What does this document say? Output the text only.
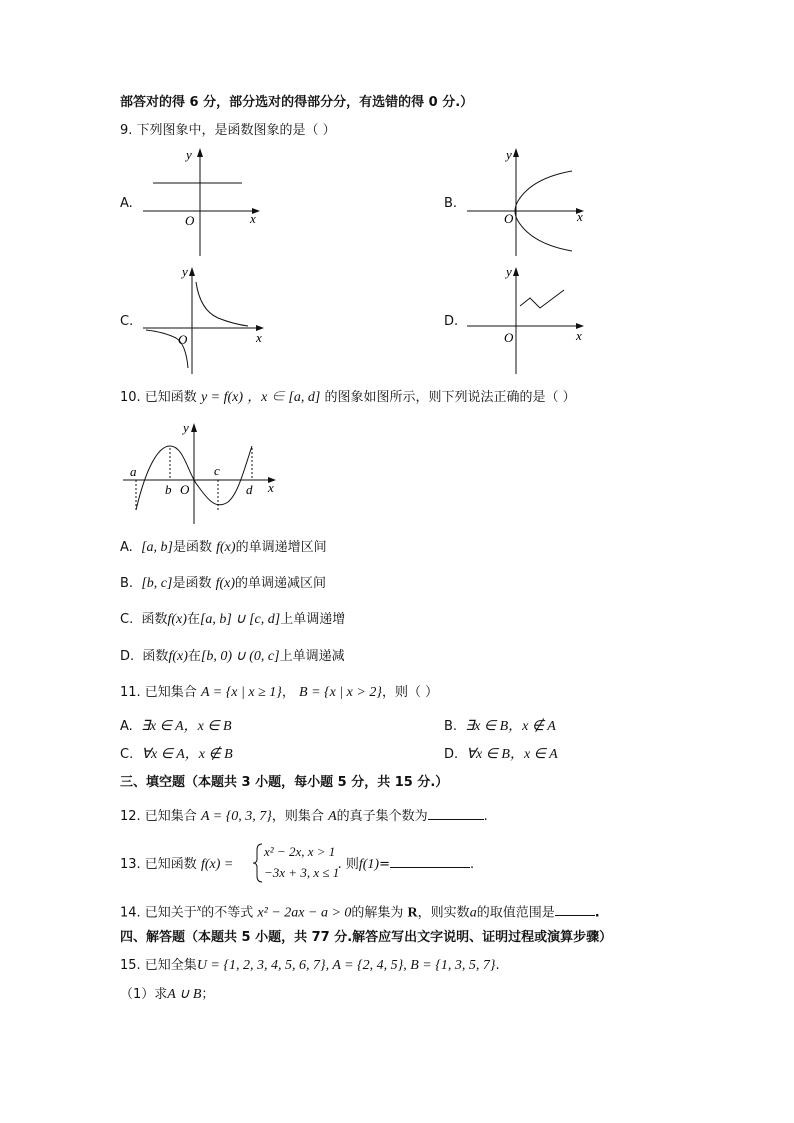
部答对的得 6 分，部分选对的得部分分，有选错的得 0 分.）
9. 下列图象中，是函数图象的是（ ）
A.
y
x
O
B.
y
x
O
C.
y
x
O
D.
y
x
O
10. 已知函数 y = f(x) ，x ∈ [a, d] 的图象如图所示，则下列说法正确的是（ ）
a
b O
c
d x
y
A. [a, b]是函数 f(x)的单调递增区间
B. [b, c]是函数 f(x)的单调递减区间
C. 函数f(x)在[a, b] ∪ [c, d]上单调递增
D. 函数f(x)在[b, 0) ∪ (0, c]上单调递减
11. 已知集合 A = {x | x ≥ 1}， B = {x | x > 2}，则（ ）
A. ∃x ∈ A，x ∈ B	B. ∃x ∈ B，x ∉ A
C. ∀x ∈ A，x ∉ B	D. ∀x ∈ B，x ∈ A
三、填空题（本题共 3 小题，每小题 5 分，共 15 分.）
12. 已知集合 A = {0, 3, 7}，则集合 A的真子集个数为	.
13. 已知函数 f(x) =	. 则f(1)=	.
x² − 2x, x > 1
−3x + 3, x ≤ 1
14. 已知关于$^x$的不等式 x² − 2ax − a > 0的解集为 R，则实数a的取值范围是	.
四、解答题（本题共 5 小题，共 77 分.解答应写出文字说明、证明过程或演算步骤）
15. 已知全集U = {1, 2, 3, 4, 5, 6, 7}, A = {2, 4, 5}, B = {1, 3, 5, 7}.
（1）求A ∪ B；
